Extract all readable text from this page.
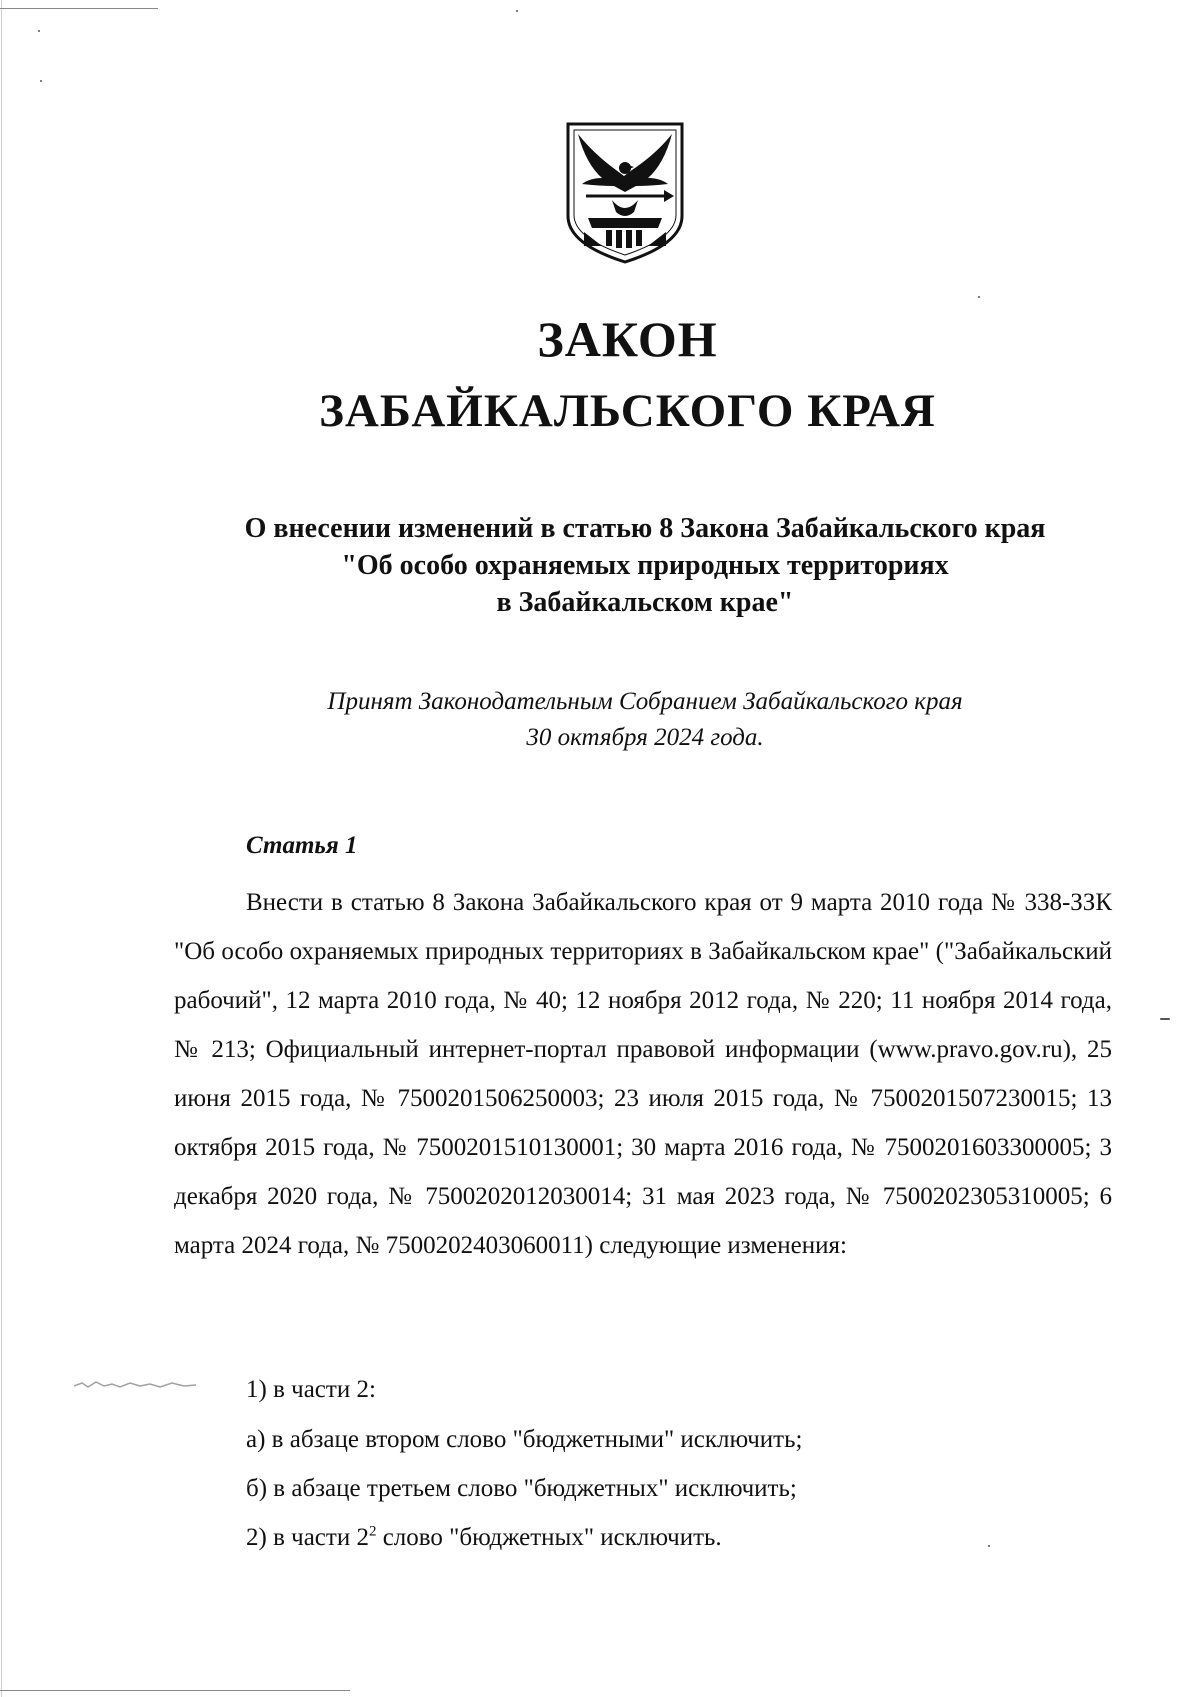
ЗАКОН
ЗАБАЙКАЛЬСКОГО КРАЯ
О внесении изменений в статью 8 Закона Забайкальского края
"Об особо охраняемых природных территориях
в Забайкальском крае"
Принят Законодательным Собранием Забайкальского края
30 октября 2024 года.
Статья 1

Внести в статью 8 Закона Забайкальского края от 9 марта 2010 года № 338-ЗЗК "Об особо охраняемых природных территориях в Забайкальском крае" ("Забайкальский рабочий", 12 марта 2010 года, № 40; 12 ноября 2012 года, № 220; 11 ноября 2014 года, № 213; Официальный интернет-портал правовой информации (www.pravo.gov.ru), 25 июня 2015 года, № 7500201506250003; 23 июля 2015 года, № 7500201507230015; 13 октября 2015 года, № 7500201510130001; 30 марта 2016 года, № 7500201603300005; 3 декабря 2020 года, № 7500202012030014; 31 мая 2023 года, № 7500202305310005; 6 марта 2024 года, № 7500202403060011) следующие изменения:

1) в части 2:
а) в абзаце втором слово "бюджетными" исключить;
б) в абзаце третьем слово "бюджетных" исключить;
2) в части $2^2$ слово "бюджетных" исключить.
